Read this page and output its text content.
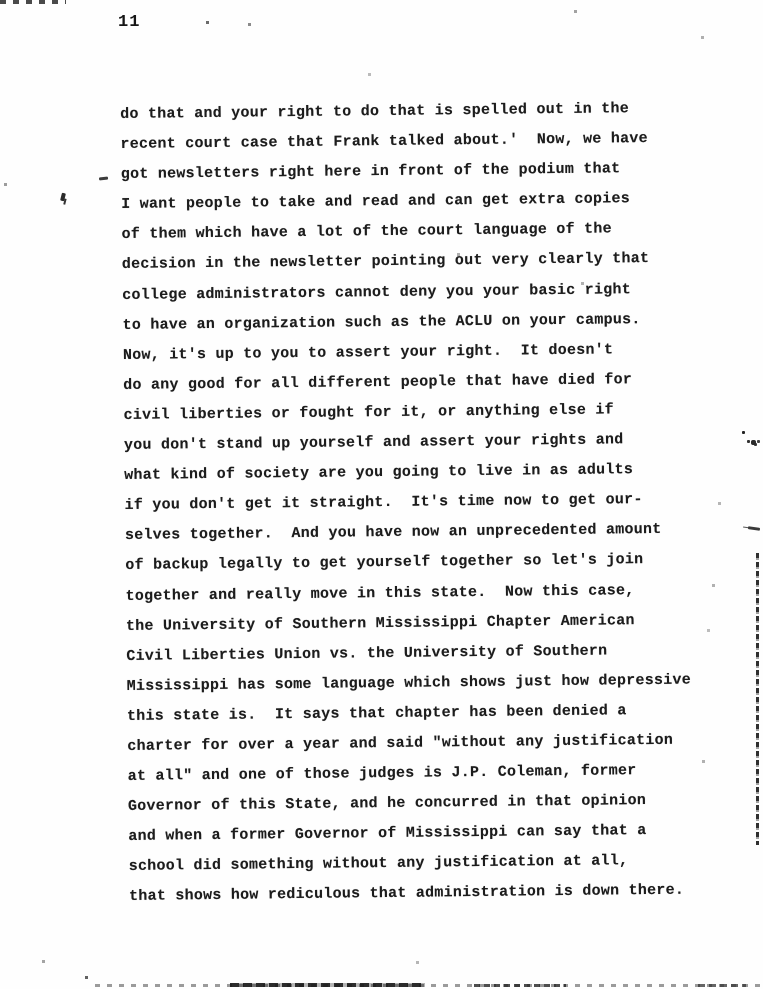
11
do that and your right to do that is spelled out in the
recent court case that Frank talked about.'  Now, we have
got newsletters right here in front of the podium that
I want people to take and read and can get extra copies
of them which have a lot of the court language of the
decision in the newsletter pointing out very clearly that
college administrators cannot deny you your basic right
to have an organization such as the ACLU on your campus.
Now, it's up to you to assert your right.  It doesn't
do any good for all different people that have died for
civil liberties or fought for it, or anything else if
you don't stand up yourself and assert your rights and
what kind of society are you going to live in as adults
if you don't get it straight.  It's time now to get our-
selves together.  And you have now an unprecedented amount
of backup legally to get yourself together so let's join
together and really move in this state.  Now this case,
the University of Southern Mississippi Chapter American
Civil Liberties Union vs. the University of Southern
Mississippi has some language which shows just how depressive
this state is.  It says that chapter has been denied a
charter for over a year and said "without any justification
at all" and one of those judges is J.P. Coleman, former
Governor of this State, and he concurred in that opinion
and when a former Governor of Mississippi can say that a
school did something without any justification at all,
that shows how rediculous that administration is down there.
